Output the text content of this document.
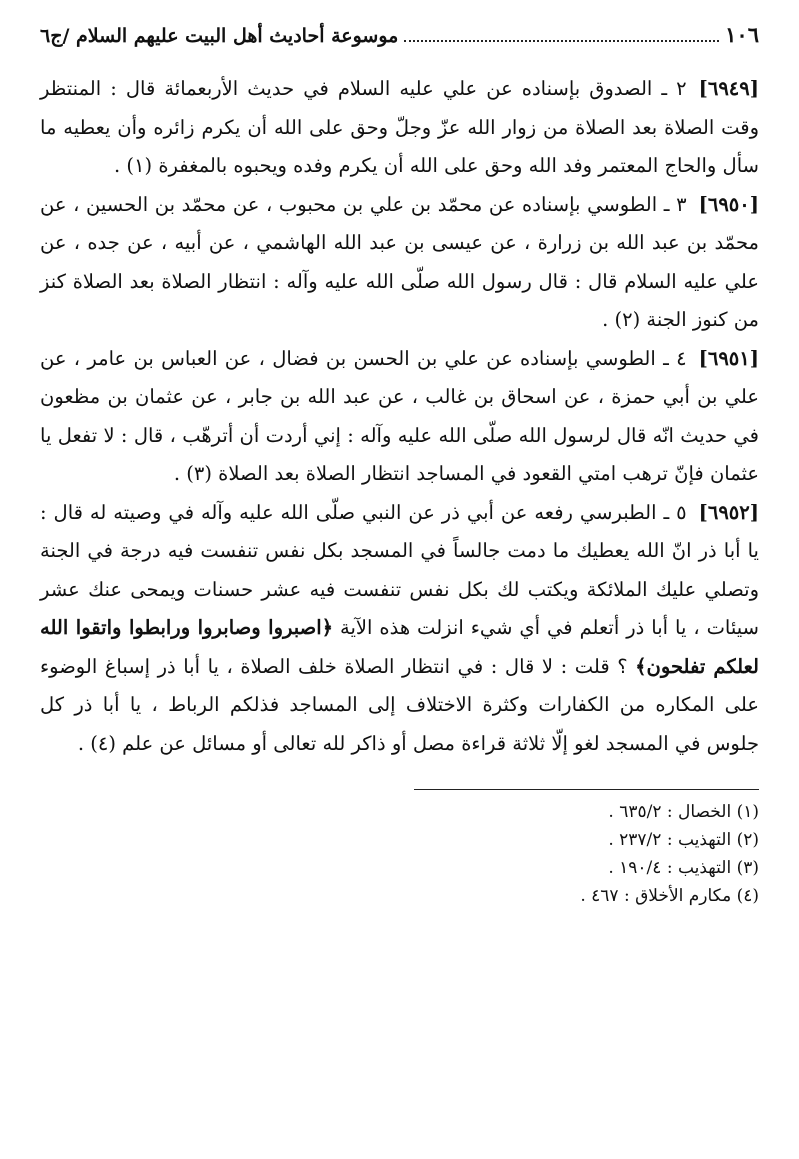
١٠٦
موسوعة أحاديث أهل البيت عليهم السلام /ج٦

[٦٩٤٩]٢ ـ الصدوق بإسناده عن علي عليه السلام في حديث الأربعمائة قال : المنتظر وقت الصلاة بعد الصلاة من زوار الله عزّ وجلّ وحق على الله أن يكرم زائره وأن يعطيه ما سأل والحاج المعتمر وفد الله وحق على الله أن يكرم وفده ويحبوه بالمغفرة (١) .

[٦٩٥٠]٣ ـ الطوسي بإسناده عن محمّد بن علي بن محبوب ، عن محمّد بن الحسين ، عن محمّد بن عبد الله بن زرارة ، عن عيسى بن عبد الله الهاشمي ، عن أبيه ، عن جده ، عن علي عليه السلام قال : قال رسول الله صلّى الله عليه وآله : انتظار الصلاة بعد الصلاة كنز من كنوز الجنة (٢) .

[٦٩٥١]٤ ـ الطوسي بإسناده عن علي بن الحسن بن فضال ، عن العباس بن عامر ، عن علي بن أبي حمزة ، عن اسحاق بن غالب ، عن عبد الله بن جابر ، عن عثمان بن مظعون في حديث انّه قال لرسول الله صلّى الله عليه وآله : إني أردت أن أترهّب ، قال : لا تفعل يا عثمان فإنّ ترهب امتي القعود في المساجد انتظار الصلاة بعد الصلاة (٣) .

[٦٩٥٢]٥ ـ الطبرسي رفعه عن أبي ذر عن النبي صلّى الله عليه وآله في وصيته له قال : يا أبا ذر انّ الله يعطيك ما دمت جالساً في المسجد بكل نفس تنفست فيه درجة في الجنة وتصلي عليك الملائكة ويكتب لك بكل نفس تنفست فيه عشر حسنات ويمحى عنك عشر سيئات ، يا أبا ذر أتعلم في أي شيء انزلت هذه الآية ﴿اصبروا وصابروا ورابطوا واتقوا الله لعلكم تفلحون﴾ ؟ قلت : لا قال : في انتظار الصلاة خلف الصلاة ، يا أبا ذر إسباغ الوضوء على المكاره من الكفارات وكثرة الاختلاف إلى المساجد فذلكم الرباط ، يا أبا ذر كل جلوس في المسجد لغو إلّا ثلاثة قراءة مصل أو ذاكر لله تعالى أو مسائل عن علم (٤) .

(١) الخصال : ٦٣٥/٢ .

(٢) التهذيب : ٢٣٧/٢ .

(٣) التهذيب : ١٩٠/٤ .

(٤) مكارم الأخلاق : ٤٦٧ .
